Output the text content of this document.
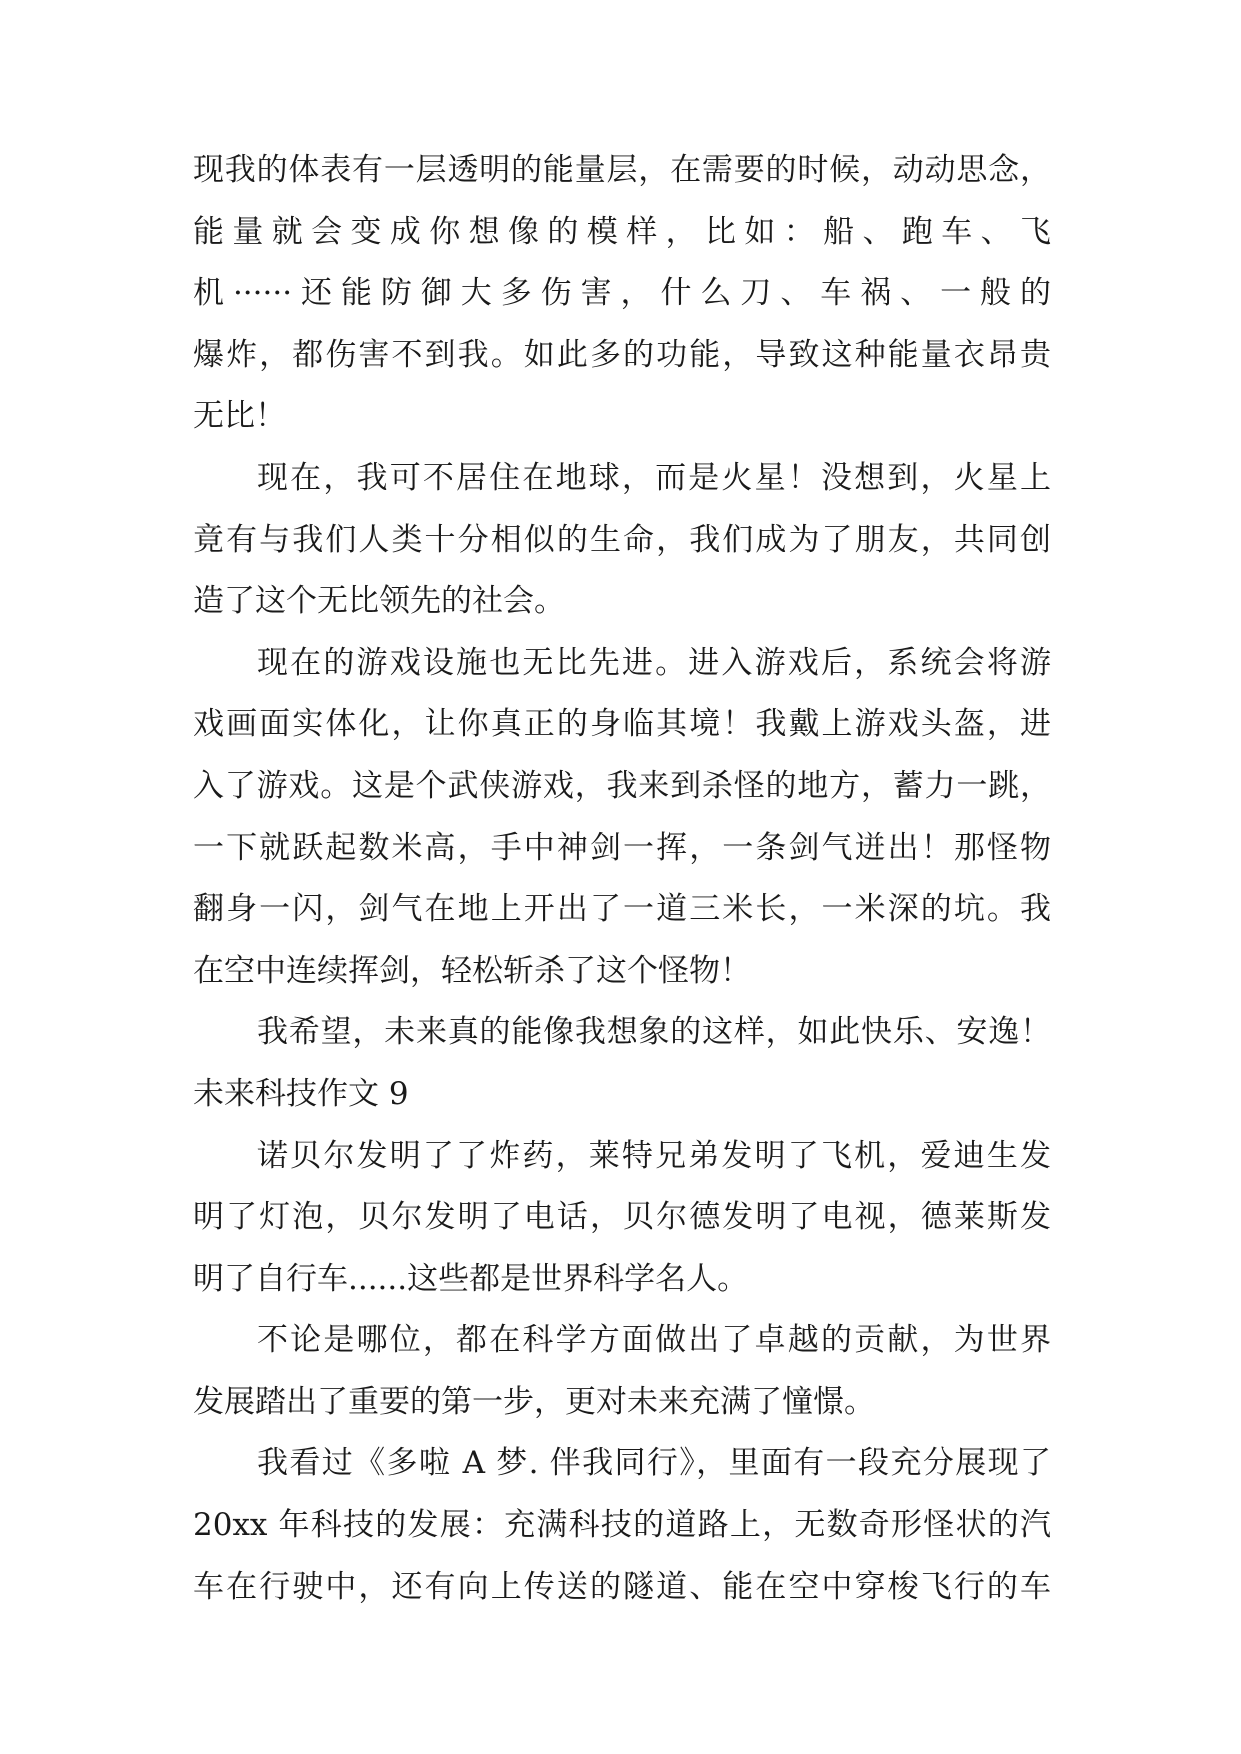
现我的体表有一层透明的能量层，在需要的时候，动动思念，
能量就会变成你想像的模样，比如：船、跑车、飞
机······还能防御大多伤害，什么刀、车祸、一般的
爆炸，都伤害不到我。如此多的功能，导致这种能量衣昂贵
无比！
现在，我可不居住在地球，而是火星！没想到，火星上
竟有与我们人类十分相似的生命，我们成为了朋友，共同创
造了这个无比领先的社会。
现在的游戏设施也无比先进。进入游戏后，系统会将游
戏画面实体化，让你真正的身临其境！我戴上游戏头盔，进
入了游戏。这是个武侠游戏，我来到杀怪的地方，蓄力一跳，
一下就跃起数米高，手中神剑一挥，一条剑气迸出！那怪物
翻身一闪，剑气在地上开出了一道三米长，一米深的坑。我
在空中连续挥剑，轻松斩杀了这个怪物！
我希望，未来真的能像我想象的这样，如此快乐、安逸！
未来科技作文 9
诺贝尔发明了了炸药，莱特兄弟发明了飞机，爱迪生发
明了灯泡，贝尔发明了电话，贝尔德发明了电视，德莱斯发
明了自行车......这些都是世界科学名人。
不论是哪位，都在科学方面做出了卓越的贡献，为世界
发展踏出了重要的第一步，更对未来充满了憧憬。
我看过《多啦 A 梦. 伴我同行》，里面有一段充分展现了
20xx 年科技的发展：充满科技的道路上，无数奇形怪状的汽
车在行驶中，还有向上传送的隧道、能在空中穿梭飞行的车
